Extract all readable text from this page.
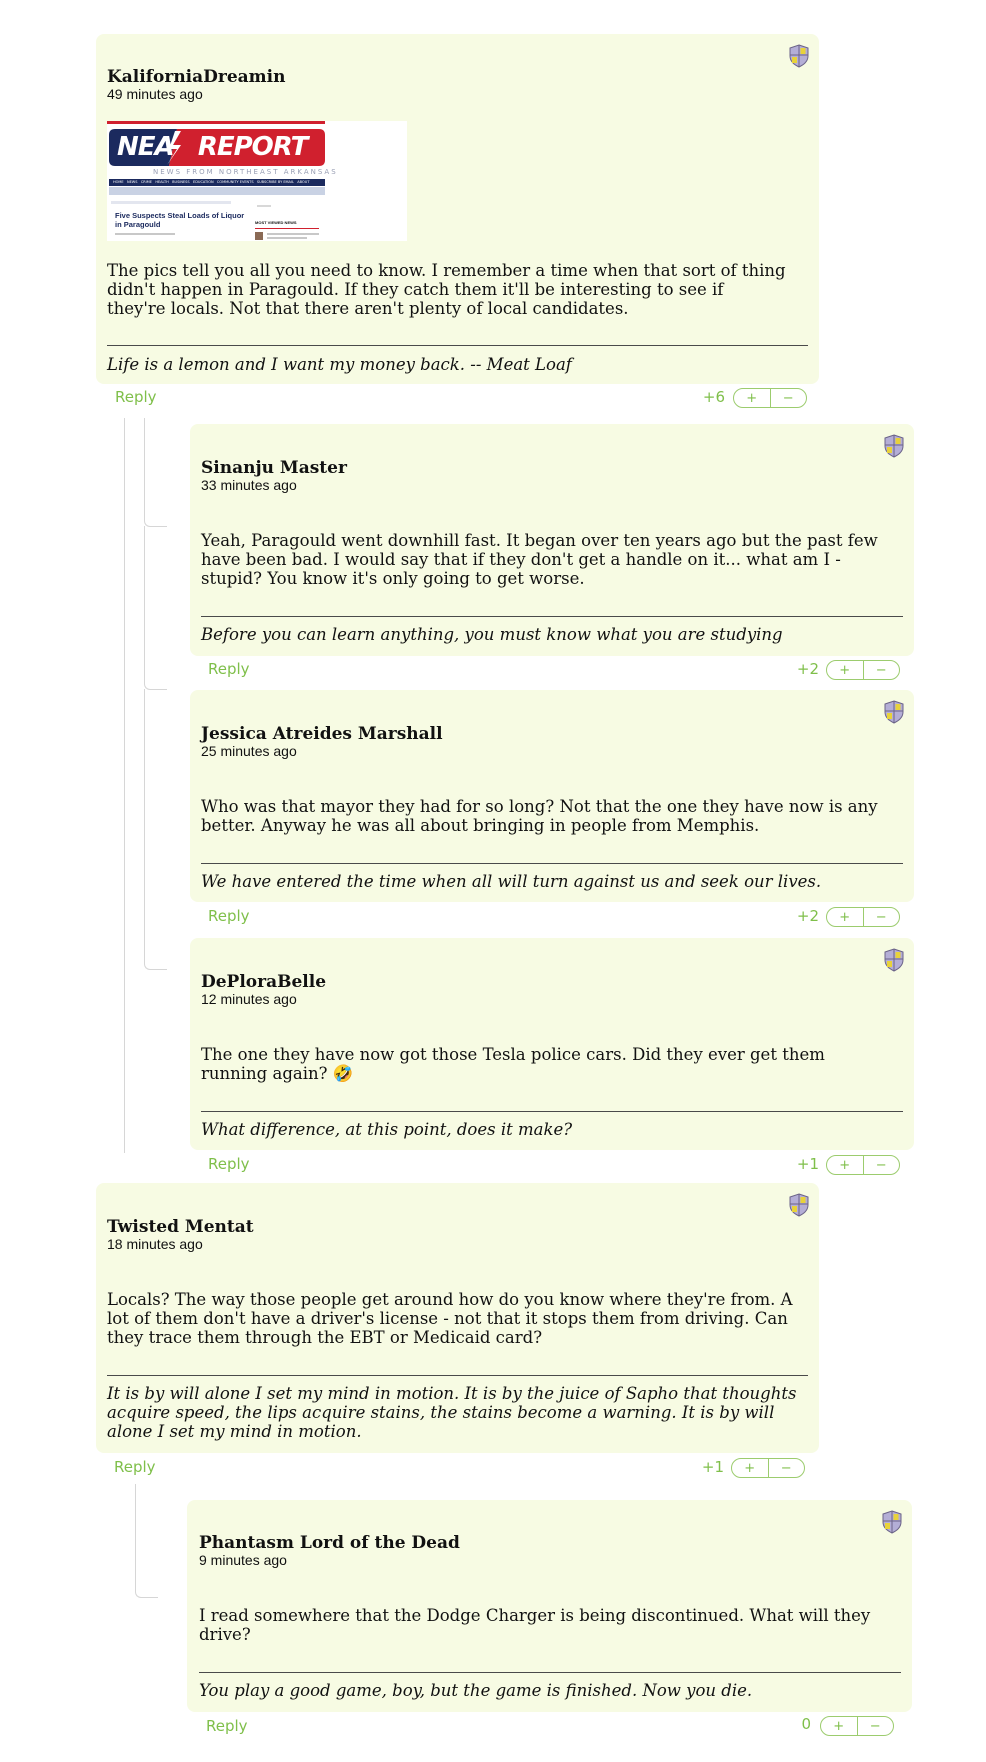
KaliforniaDreamin
49 minutes ago
NEA REPORT
NEWS FROM NORTHEAST ARKANSAS
HOME NEWS CRIME HEALTH BUSINESS EDUCATION COMMUNITY EVENTS SUBSCRIBE BY EMAIL ABOUT
Five Suspects Steal Loads of Liquor in Paragould	MOST VIEWED NEWS
The pics tell you all you need to know. I remember a time when that sort of thing didn't happen in Paragould. If they catch them it'll be interesting to see if they're locals. Not that there aren't plenty of local candidates.
Life is a lemon and I want my money back. -- Meat Loaf
Reply	+6	+	−
Sinanju Master
33 minutes ago
Yeah, Paragould went downhill fast. It began over ten years ago but the past few have been bad. I would say that if they don't get a handle on it... what am I - stupid? You know it's only going to get worse.
Before you can learn anything, you must know what you are studying
Reply	+2	+	−
Jessica Atreides Marshall
25 minutes ago
Who was that mayor they had for so long? Not that the one they have now is any better. Anyway he was all about bringing in people from Memphis.
We have entered the time when all will turn against us and seek our lives.
Reply	+2	+	−
DePloraBelle
12 minutes ago
The one they have now got those Tesla police cars. Did they ever get them running again? 🤣
What difference, at this point, does it make?
Reply	+1	+	−
Twisted Mentat
18 minutes ago
Locals? The way those people get around how do you know where they're from. A lot of them don't have a driver's license - not that it stops them from driving. Can they trace them through the EBT or Medicaid card?
It is by will alone I set my mind in motion. It is by the juice of Sapho that thoughts acquire speed, the lips acquire stains, the stains become a warning. It is by will alone I set my mind in motion.
Reply	+1	+	−
Phantasm Lord of the Dead
9 minutes ago
I read somewhere that the Dodge Charger is being discontinued. What will they drive?
You play a good game, boy, but the game is finished. Now you die.
Reply	0	+	−
